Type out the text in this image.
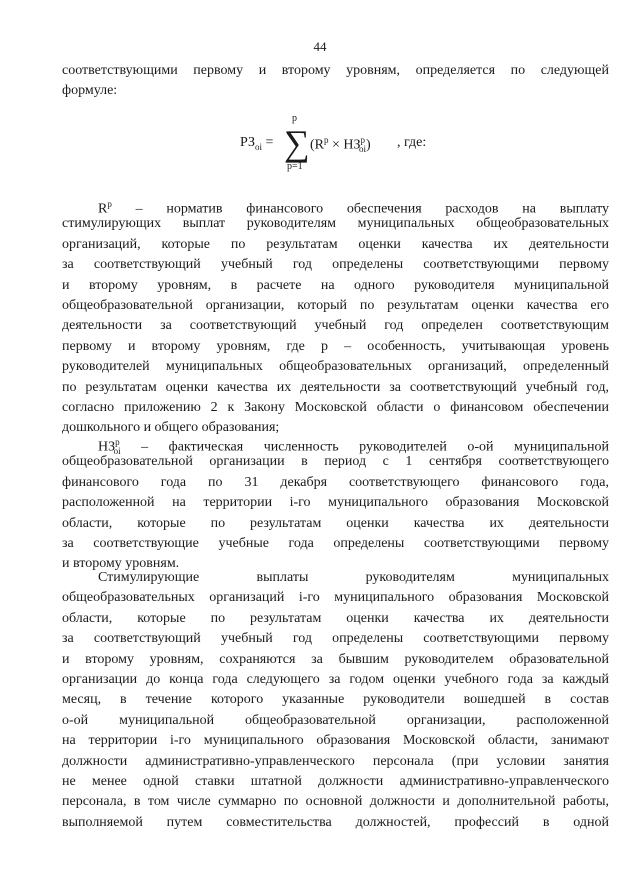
44
соответствующими первому и второму уровням, определяется по следующей
формуле:
$РЗ_{oi}$ =
p
∑
p=1
$(R^p \times НЗ^p_{oi})$ , где:
$R^p$ – норматив финансового обеспечения расходов на выплату
стимулирующих выплат руководителям муниципальных общеобразовательных
организаций, которые по результатам оценки качества их деятельности
за соответствующий учебный год определены соответствующими первому
и второму уровням, в расчете на одного руководителя муниципальной
общеобразовательной организации, который по результатам оценки качества его
деятельности за соответствующий учебный год определен соответствующим
первому и второму уровням, где р – особенность, учитывающая уровень
руководителей муниципальных общеобразовательных организаций, определенный
по результатам оценки качества их деятельности за соответствующий учебный год,
согласно приложению 2 к Закону Московской области о финансовом обеспечении
дошкольного и общего образования;
$НЗ^p_{oi}$ – фактическая численность руководителей о-ой муниципальной
общеобразовательной организации в период с 1 сентября соответствующего
финансового года по 31 декабря соответствующего финансового года,
расположенной на территории i-го муниципального образования Московской
области, которые по результатам оценки качества их деятельности
за соответствующие учебные года определены соответствующими первому
и второму уровням.
Стимулирующие выплаты руководителям муниципальных
общеобразовательных организаций i-го муниципального образования Московской
области, которые по результатам оценки качества их деятельности
за соответствующий учебный год определены соответствующими первому
и второму уровням, сохраняются за бывшим руководителем образовательной
организации до конца года следующего за годом оценки учебного года за каждый
месяц, в течение которого указанные руководители вошедшей в состав
о-ой муниципальной общеобразовательной организации, расположенной
на территории i-го муниципального образования Московской области, занимают
должности административно-управленческого персонала (при условии занятия
не менее одной ставки штатной должности административно-управленческого
персонала, в том числе суммарно по основной должности и дополнительной работы,
выполняемой путем совместительства должностей, профессий в одной
